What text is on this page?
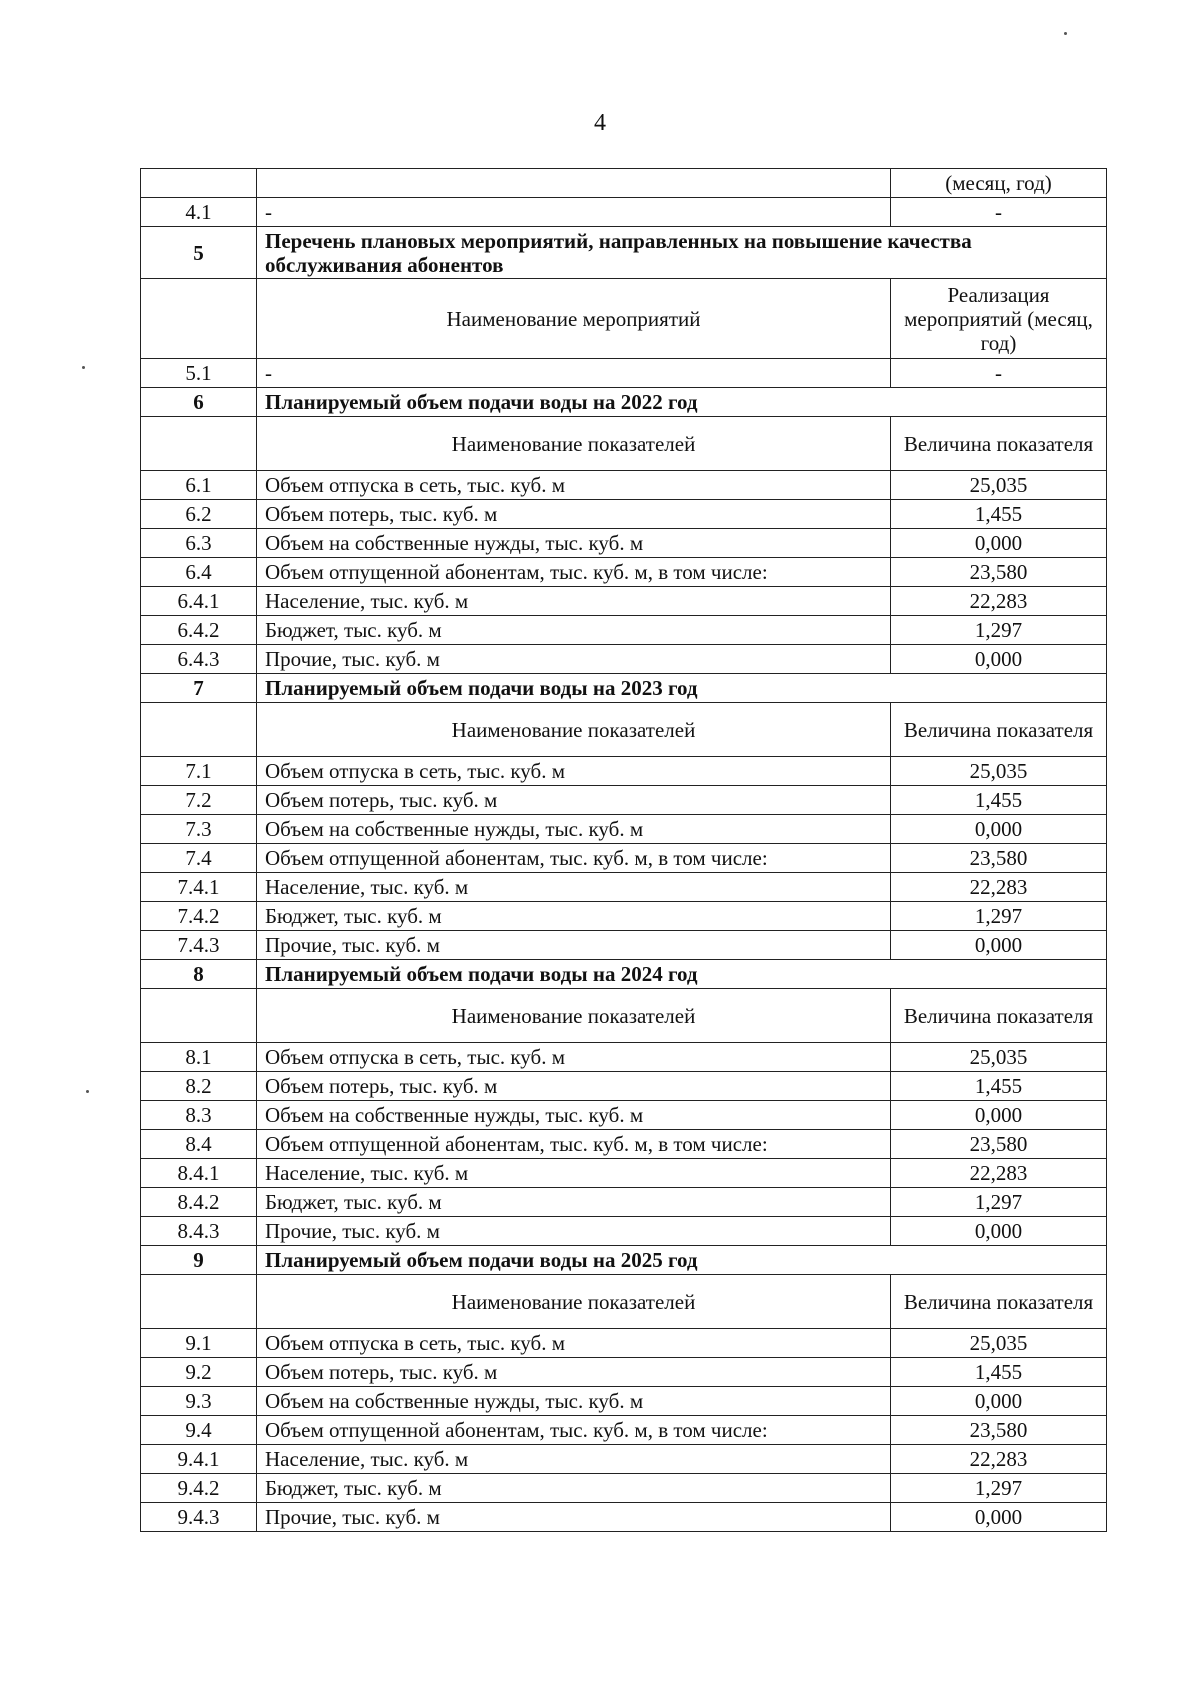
4
		(месяц, год)
4.1	-	-
5	Перечень плановых мероприятий, направленных на повышение качества обслуживания абонентов	
	Наименование мероприятий	Реализация мероприятий (месяц, год)
5.1	-	-
6	Планируемый объем подачи воды на 2022 год	
	Наименование показателей	Величина показателя
6.1	Объем отпуска в сеть, тыс. куб. м	25,035
6.2	Объем потерь, тыс. куб. м	1,455
6.3	Объем на собственные нужды, тыс. куб. м	0,000
6.4	Объем отпущенной абонентам, тыс. куб. м, в том числе:	23,580
6.4.1	Население, тыс. куб. м	22,283
6.4.2	Бюджет, тыс. куб. м	1,297
6.4.3	Прочие, тыс. куб. м	0,000
7	Планируемый объем подачи воды на 2023 год	
	Наименование показателей	Величина показателя
7.1	Объем отпуска в сеть, тыс. куб. м	25,035
7.2	Объем потерь, тыс. куб. м	1,455
7.3	Объем на собственные нужды, тыс. куб. м	0,000
7.4	Объем отпущенной абонентам, тыс. куб. м, в том числе:	23,580
7.4.1	Население, тыс. куб. м	22,283
7.4.2	Бюджет, тыс. куб. м	1,297
7.4.3	Прочие, тыс. куб. м	0,000
8	Планируемый объем подачи воды на 2024 год	
	Наименование показателей	Величина показателя
8.1	Объем отпуска в сеть, тыс. куб. м	25,035
8.2	Объем потерь, тыс. куб. м	1,455
8.3	Объем на собственные нужды, тыс. куб. м	0,000
8.4	Объем отпущенной абонентам, тыс. куб. м, в том числе:	23,580
8.4.1	Население, тыс. куб. м	22,283
8.4.2	Бюджет, тыс. куб. м	1,297
8.4.3	Прочие, тыс. куб. м	0,000
9	Планируемый объем подачи воды на 2025 год	
	Наименование показателей	Величина показателя
9.1	Объем отпуска в сеть, тыс. куб. м	25,035
9.2	Объем потерь, тыс. куб. м	1,455
9.3	Объем на собственные нужды, тыс. куб. м	0,000
9.4	Объем отпущенной абонентам, тыс. куб. м, в том числе:	23,580
9.4.1	Население, тыс. куб. м	22,283
9.4.2	Бюджет, тыс. куб. м	1,297
9.4.3	Прочие, тыс. куб. м	0,000
